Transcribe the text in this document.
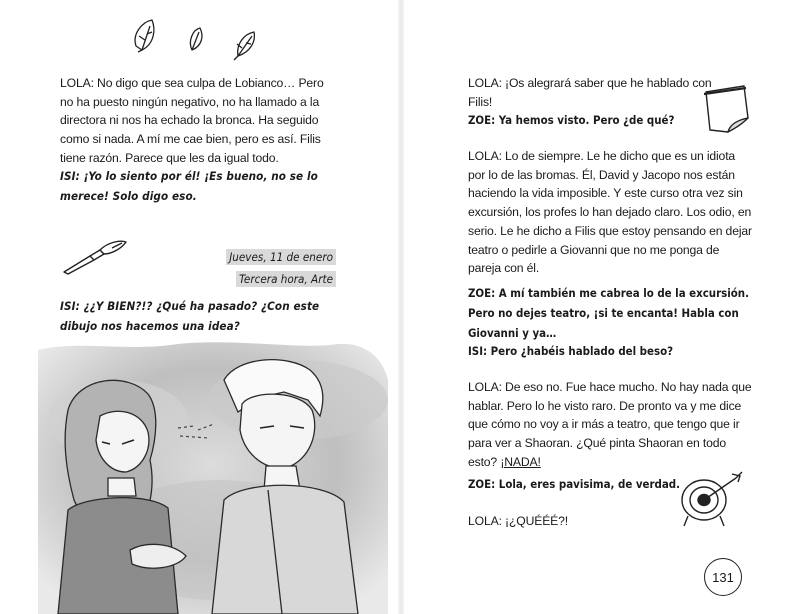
LOLA: No digo que sea culpa de Lobianco… Pero no ha puesto ningún negativo, no ha llamado a la directora ni nos ha echado la bronca. Ha seguido como si nada. A mí me cae bien, pero es así. Filis tiene razón. Parece que les da igual todo.

ISI: ¡Yo lo siento por él! ¡Es bueno, no se lo merece! Solo digo eso.

Jueves, 11 de enero
Tercera hora, Arte

ISI: ¿¿Y BIEN?!? ¿Qué ha pasado? ¿Con este dibujo nos hacemos una idea?

LOLA: ¡Os alegrará saber que he hablado con Filis!

ZOE: Ya hemos visto. Pero ¿de qué?

LOLA: Lo de siempre. Le he dicho que es un idiota por lo de las bromas. Él, David y Jacopo nos están haciendo la vida imposible. Y este curso otra vez sin excursión, los profes lo han dejado claro. Los odio, en serio. Le he dicho a Filis que estoy pensando en dejar teatro o pedirle a Giovanni que no me ponga de pareja con él.

ZOE: A mí también me cabrea lo de la excursión. Pero no dejes teatro, ¡si te encanta! Habla con Giovanni y ya…

ISI: Pero ¿habéis hablado del beso?

LOLA: De eso no. Fue hace mucho. No hay nada que hablar. Pero lo he visto raro. De pronto va y me dice que cómo no voy a ir más a teatro, que tengo que ir para ver a Shaoran. ¿Qué pinta Shaoran en todo esto? ¡NADA!

ZOE: Lola, eres pavisima, de verdad.

LOLA: ¡¿QUÉÉÉ?!

131
